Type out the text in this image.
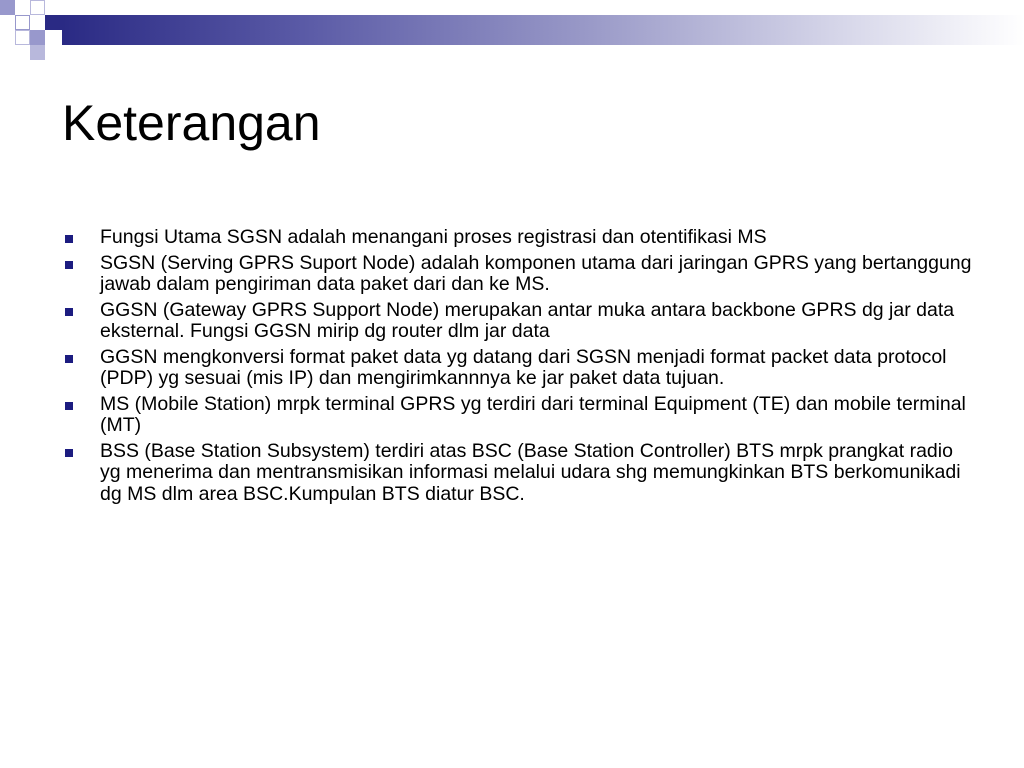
Keterangan
Fungsi Utama SGSN adalah menangani proses registrasi dan otentifikasi MS
SGSN (Serving GPRS Suport Node) adalah komponen utama dari jaringan GPRS yang bertanggung jawab dalam pengiriman data paket dari dan ke MS.
GGSN (Gateway GPRS Support Node) merupakan antar muka antara backbone GPRS dg jar data eksternal. Fungsi GGSN mirip dg router dlm jar data
GGSN mengkonversi format paket data yg datang dari SGSN menjadi format packet data protocol (PDP) yg sesuai (mis IP) dan mengirimkannnya ke jar paket data tujuan.
MS (Mobile Station) mrpk terminal GPRS yg terdiri dari terminal Equipment (TE) dan mobile terminal (MT)
BSS (Base Station Subsystem) terdiri atas BSC (Base Station Controller) BTS mrpk prangkat radio yg menerima dan mentransmisikan informasi melalui udara shg memungkinkan BTS berkomunikadi dg MS dlm area BSC.Kumpulan BTS diatur BSC.
